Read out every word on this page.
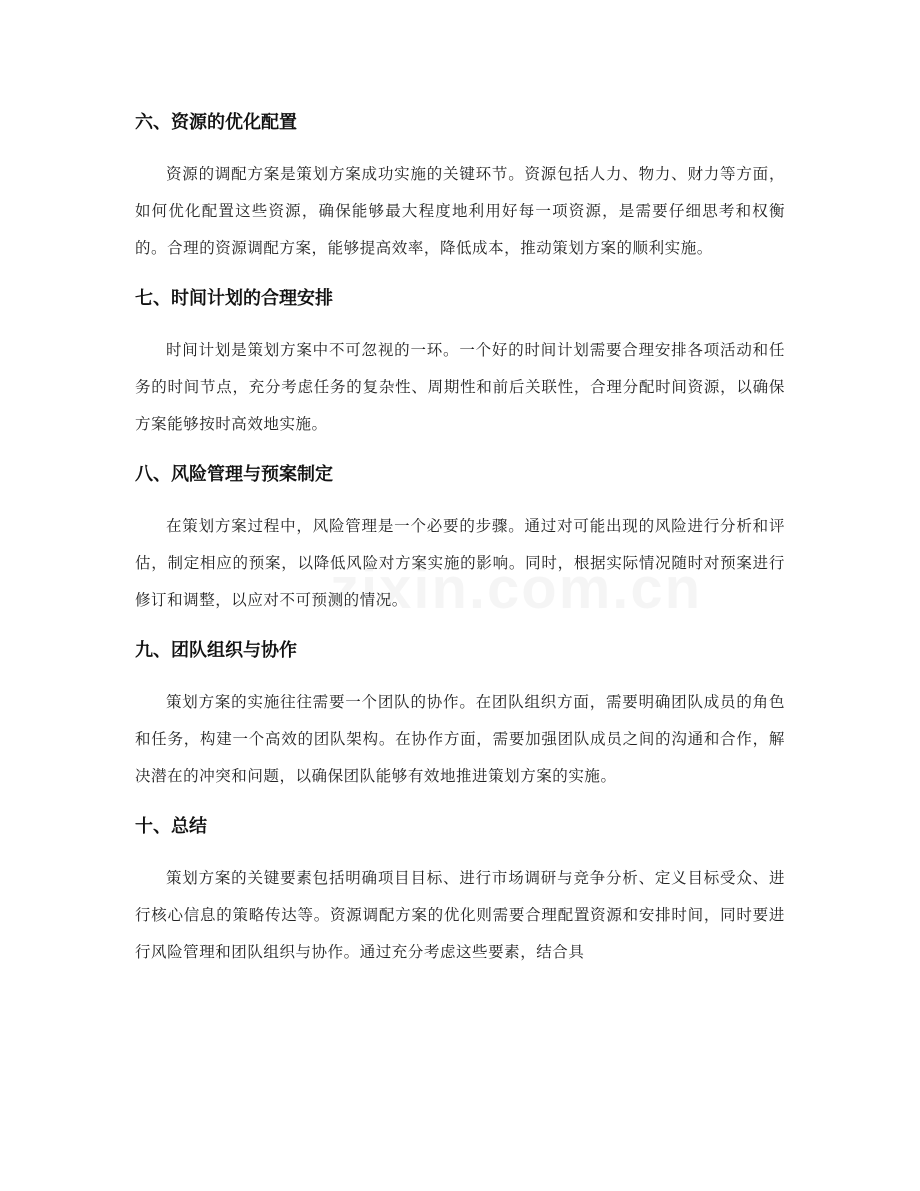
六、资源的优化配置

资源的调配方案是策划方案成功实施的关键环节。资源包括人力、物力、财力等方面，如何优化配置这些资源，确保能够最大程度地利用好每一项资源，是需要仔细思考和权衡的。合理的资源调配方案，能够提高效率，降低成本，推动策划方案的顺利实施。

七、时间计划的合理安排

时间计划是策划方案中不可忽视的一环。一个好的时间计划需要合理安排各项活动和任务的时间节点，充分考虑任务的复杂性、周期性和前后关联性，合理分配时间资源，以确保方案能够按时高效地实施。

八、风险管理与预案制定

在策划方案过程中，风险管理是一个必要的步骤。通过对可能出现的风险进行分析和评估，制定相应的预案，以降低风险对方案实施的影响。同时，根据实际情况随时对预案进行修订和调整，以应对不可预测的情况。

九、团队组织与协作

策划方案的实施往往需要一个团队的协作。在团队组织方面，需要明确团队成员的角色和任务，构建一个高效的团队架构。在协作方面，需要加强团队成员之间的沟通和合作，解决潜在的冲突和问题，以确保团队能够有效地推进策划方案的实施。

十、总结

策划方案的关键要素包括明确项目目标、进行市场调研与竞争分析、定义目标受众、进行核心信息的策略传达等。资源调配方案的优化则需要合理配置资源和安排时间，同时要进行风险管理和团队组织与协作。通过充分考虑这些要素，结合具
